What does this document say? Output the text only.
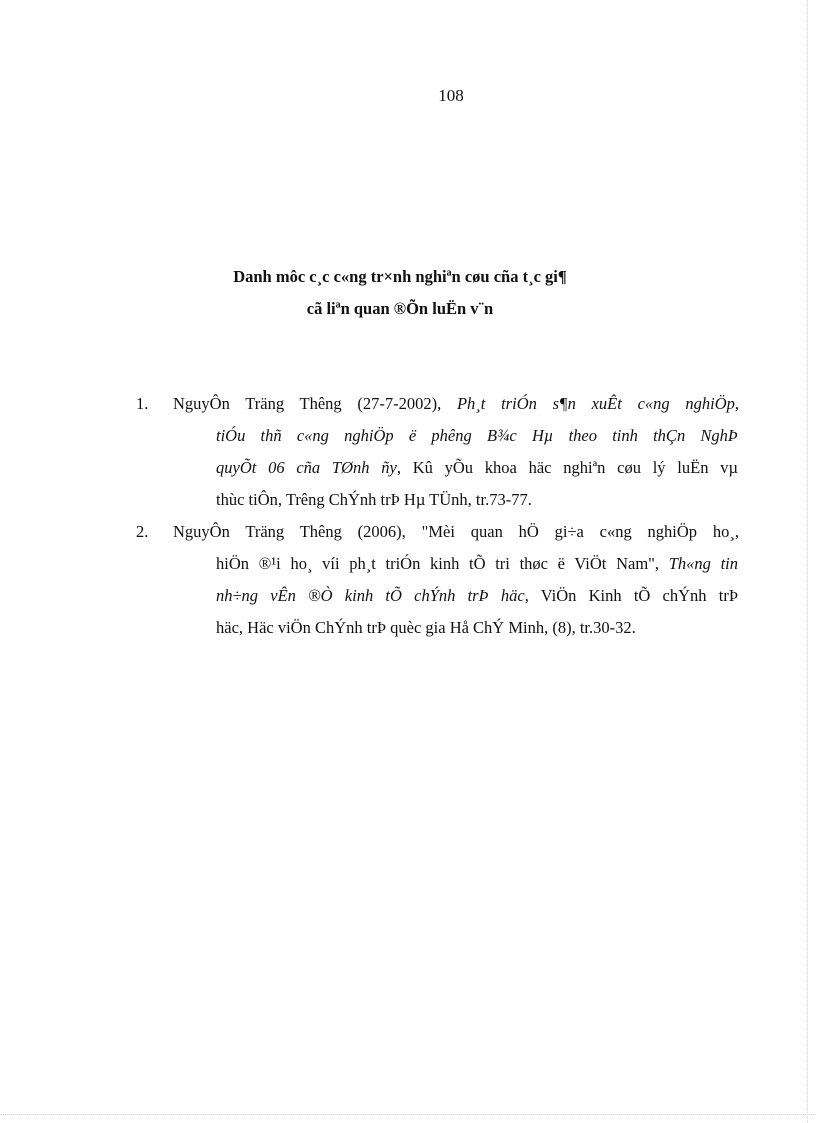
108
Danh môc c¸c c«ng tr×nh nghiªn cøu cña t¸c gi¶
cã liªn quan ®Õn luËn v¨n
1.	NguyÔn Träng Thêng (27-7-2002), Ph¸t triÓn s¶n xuÊt c«ng nghiÖp,
tiÓu thñ c«ng nghiÖp ë phêng B¾c Hµ theo tinh thÇn NghÞ
quyÕt 06 cña TØnh ñy, Kû yÕu khoa häc nghiªn cøu lý luËn vµ
thùc tiÔn, Trêng ChÝnh trÞ Hµ TÜnh, tr.73-77.
2.	NguyÔn Träng Thêng (2006), "Mèi quan hÖ gi÷a c«ng nghiÖp ho¸,
hiÖn ®¹i ho¸ víi ph¸t triÓn kinh tÕ tri thøc ë ViÖt Nam", Th«ng tin
nh÷ng vÊn ®Ò kinh tÕ chÝnh trÞ häc, ViÖn Kinh tÕ chÝnh trÞ
häc, Häc viÖn ChÝnh trÞ quèc gia Hå ChÝ Minh, (8), tr.30-32.
